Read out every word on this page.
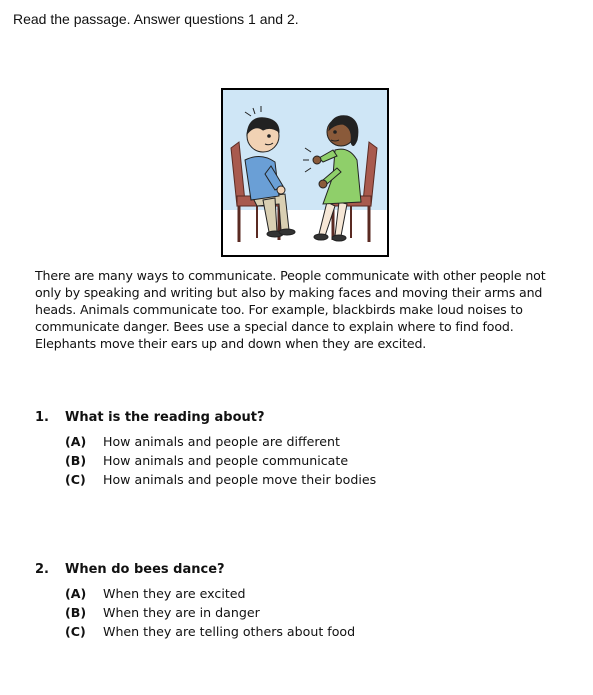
Read the passage. Answer questions 1 and 2.
There are many ways to communicate. People communicate with other people not only by speaking and writing but also by making faces and moving their arms and heads. Animals communicate too. For example, blackbirds make loud noises to communicate danger. Bees use a special dance to explain where to find food. Elephants move their ears up and down when they are excited.
1. What is the reading about?
(A) How animals and people are different
(B) How animals and people communicate
(C) How animals and people move their bodies
2. When do bees dance?
(A) When they are excited
(B) When they are in danger
(C) When they are telling others about food
